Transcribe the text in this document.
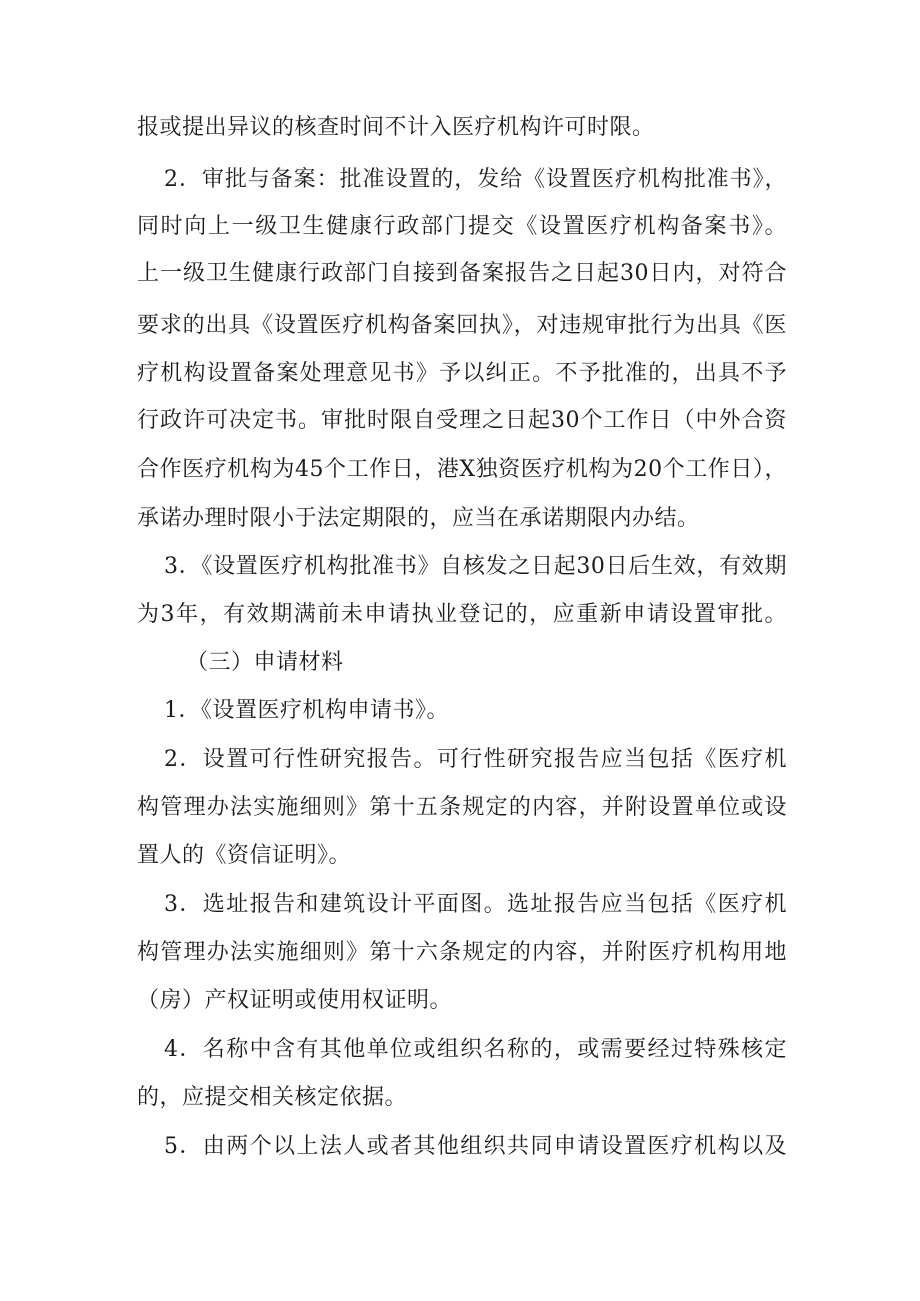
报或提出异议的核查时间不计入医疗机构许可时限。
2．审批与备案：批准设置的，发给《设置医疗机构批准书》，
同时向上一级卫生健康行政部门提交《设置医疗机构备案书》。
上一级卫生健康行政部门自接到备案报告之日起30日内，对符合
要求的出具《设置医疗机构备案回执》，对违规审批行为出具《医
疗机构设置备案处理意见书》予以纠正。不予批准的，出具不予
行政许可决定书。审批时限自受理之日起30个工作日（中外合资
合作医疗机构为45个工作日，港X独资医疗机构为20个工作日），
承诺办理时限小于法定期限的，应当在承诺期限内办结。
3．《设置医疗机构批准书》自核发之日起30日后生效，有效期
为3年，有效期满前未申请执业登记的，应重新申请设置审批。
（三）申请材料
1．《设置医疗机构申请书》。
2．设置可行性研究报告。可行性研究报告应当包括《医疗机
构管理办法实施细则》第十五条规定的内容，并附设置单位或设
置人的《资信证明》。
3．选址报告和建筑设计平面图。选址报告应当包括《医疗机
构管理办法实施细则》第十六条规定的内容，并附医疗机构用地
（房）产权证明或使用权证明。
4．名称中含有其他单位或组织名称的，或需要经过特殊核定
的，应提交相关核定依据。
5．由两个以上法人或者其他组织共同申请设置医疗机构以及
